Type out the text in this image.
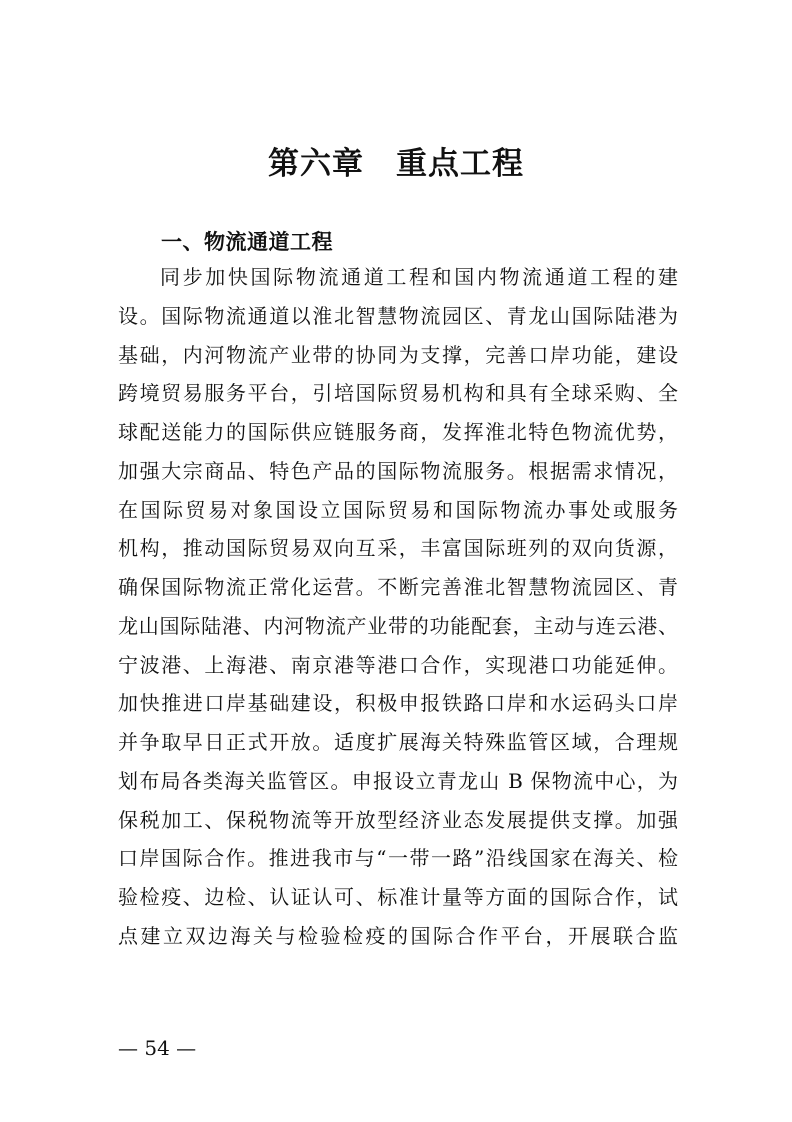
第六章　重点工程
一、物流通道工程
同步加快国际物流通道工程和国内物流通道工程的建
设。国际物流通道以淮北智慧物流园区、青龙山国际陆港为
基础，内河物流产业带的协同为支撑，完善口岸功能，建设
跨境贸易服务平台，引培国际贸易机构和具有全球采购、全
球配送能力的国际供应链服务商，发挥淮北特色物流优势，
加强大宗商品、特色产品的国际物流服务。根据需求情况，
在国际贸易对象国设立国际贸易和国际物流办事处或服务
机构，推动国际贸易双向互采，丰富国际班列的双向货源，
确保国际物流正常化运营。不断完善淮北智慧物流园区、青
龙山国际陆港、内河物流产业带的功能配套，主动与连云港、
宁波港、上海港、南京港等港口合作，实现港口功能延伸。
加快推进口岸基础建设，积极申报铁路口岸和水运码头口岸
并争取早日正式开放。适度扩展海关特殊监管区域，合理规
划布局各类海关监管区。申报设立青龙山 B 保物流中心，为
保税加工、保税物流等开放型经济业态发展提供支撑。加强
口岸国际合作。推进我市与“一带一路”沿线国家在海关、检
验检疫、边检、认证认可、标准计量等方面的国际合作，试
点建立双边海关与检验检疫的国际合作平台，开展联合监
— 54 —
